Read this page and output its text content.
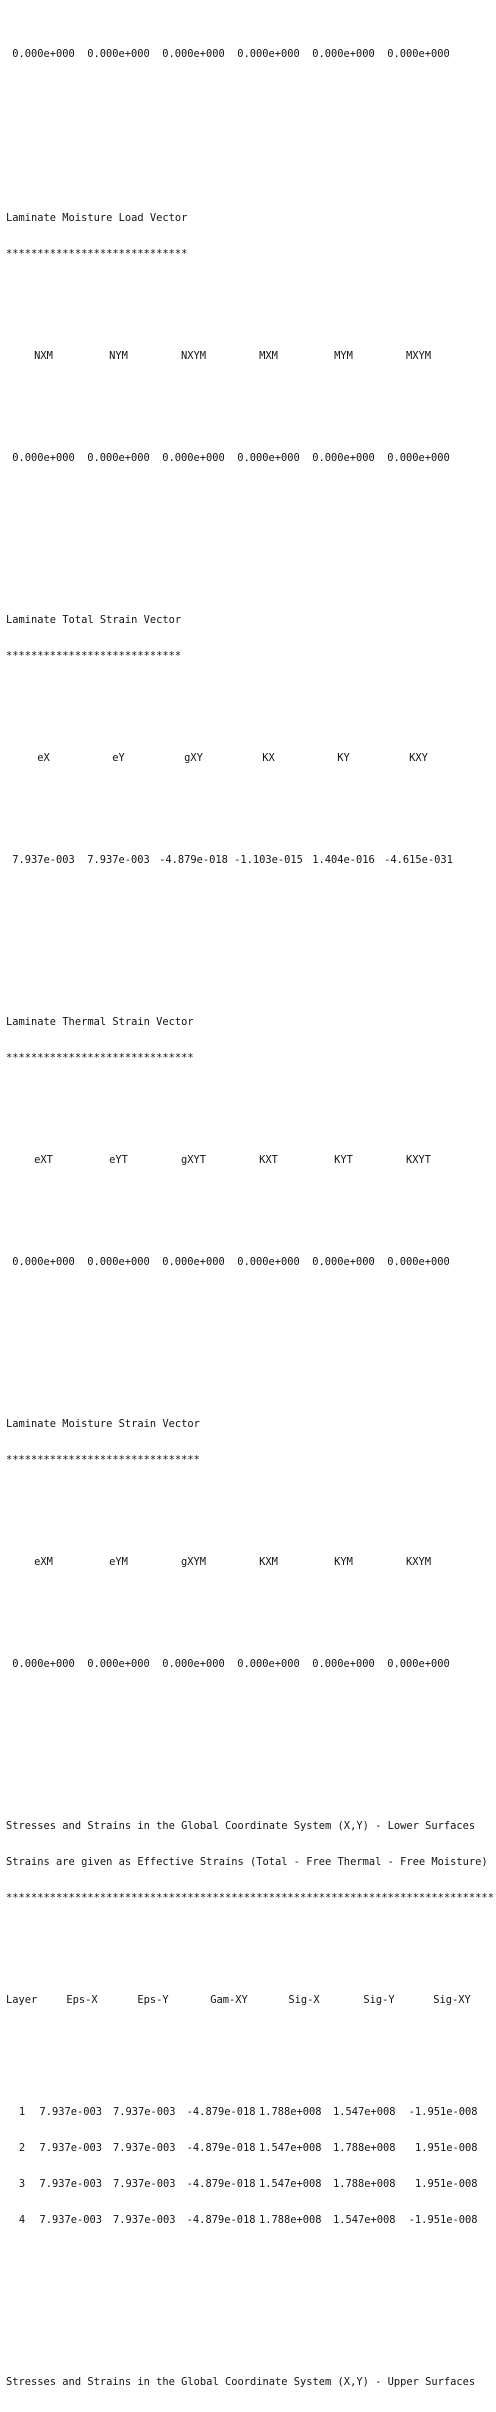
0.000e+000	0.000e+000	0.000e+000	0.000e+000	0.000e+000	0.000e+000

Laminate Moisture Load Vector

*****************************

NXM	NYM	NXYM	MXM	MYM	MXYM

0.000e+000	0.000e+000	0.000e+000	0.000e+000	0.000e+000	0.000e+000

Laminate Total Strain Vector

****************************

eX	eY	gXY	KX	KY	KXY

7.937e-003	7.937e-003 -4.879e-018 -1.103e-015 1.404e-016 -4.615e-031

Laminate Thermal Strain Vector

******************************

eXT	eYT	gXYT	KXT	KYT	KXYT

0.000e+000	0.000e+000	0.000e+000	0.000e+000	0.000e+000	0.000e+000

Laminate Moisture Strain Vector

*******************************

eXM	eYM	gXYM	KXM	KYM	KXYM

0.000e+000	0.000e+000	0.000e+000	0.000e+000	0.000e+000	0.000e+000

Stresses and Strains in the Global Coordinate System (X,Y) - Lower Surfaces

Strains are given as Effective Strains (Total - Free Thermal - Free Moisture)

******************************************************************************

Layer	Eps-X	Eps-Y	Gam-XY	Sig-X	Sig-Y	Sig-XY

1	7.937e-003	7.937e-003	-4.879e-018 1.788e+008	1.547e+008	-1.951e-008

2	7.937e-003	7.937e-003	-4.879e-018 1.547e+008	1.788e+008	1.951e-008

3	7.937e-003	7.937e-003	-4.879e-018 1.547e+008	1.788e+008	1.951e-008

4	7.937e-003	7.937e-003	-4.879e-018 1.788e+008	1.547e+008	-1.951e-008

Stresses and Strains in the Global Coordinate System (X,Y) - Upper Surfaces
